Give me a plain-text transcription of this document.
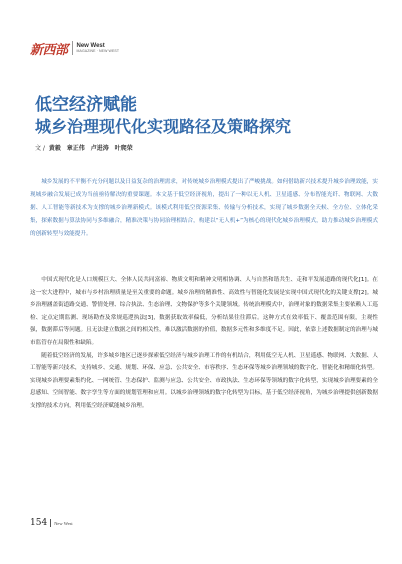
新西部 New West
MAGAZINE · NEW WEST
低空经济赋能
城乡治理现代化实现路径及策略探究
文 / 黄毅 章正伟 卢进涛 叶爬荣

城乡发展的不平衡不充分问题以及日益复杂的治理需求，对传统城乡治理模式提出了严峻挑战。如何借助新兴技术提升城乡治理效能，实现城乡融合发展已成为当前亟待解决的重要课题。本文基于低空经济视角，提出了一种以无人机、卫星遥感、分布智能光纤、物联网、大数据、人工智能等新技术为支撑的城乡治理新模式。该模式利用低空资源采集、传输与分析技术，实现了城乡数据全天候、全方位、立体化采集，探索数据与算法协同与多维融合，精准决策与协同治理相结合，构建以“无人机+”为核心的现代化城乡治理模式，助力推动城乡治理模式的创新转型与效能提升。

中国式现代化是人口规模巨大、全体人民共同富裕、物质文明和精神文明相协调、人与自然和谐共生、走和平发展道路的现代化[1]。在这一宏大进程中，城市与乡村治理质量是至关重要的命题。城乡治理的精准性、高效性与智能化发展是实现中国式现代化的关键支撑[2]。城乡治理涵盖街道路交通、警情处理、综合执法、生态治理、文物保护等多个关键领域。传统治理模式中，治理对象的数据采集主要依赖人工巡检、定点定期监测、现场勘查及常规巡逻执法[3]，数据获取效率偏低，分析结果往往滞后。这种方式在效率低下、覆盖范围有限，主观性强，数据滞后等问题。且无法建立数据之间的相关性，难以激活数据的价值，数据多元性和多维度不足。因此，依靠上述数据制定的治理与城市监管存在局限性和缺陷。

随着低空经济的发展，许多城乡地区已逐步探索低空经济与城乡治理工作的有机结合，利用低空无人机、卫星遥感、物联网、大数据、人工智能等新兴技术，支持城乡、交通、规划、环保、应急、公共安全、市容秩序、生态环保等城乡治理领域的数字化、智能化和精细化转型。实现城乡治理要素集约化、一网统管、生态保护、监测与应急、公共安全、市政执法、生态环保等领域的数字化转型，实现城乡治理要素的全息感知、空间智能、数字孪生等方面的规划管理和应用。以城乡治理领域的数字化转型为目标，基于低空经济视角，为城乡治理提供创新数据支撑的技术方向，利用低空经济赋能城乡治理。

154 New West
